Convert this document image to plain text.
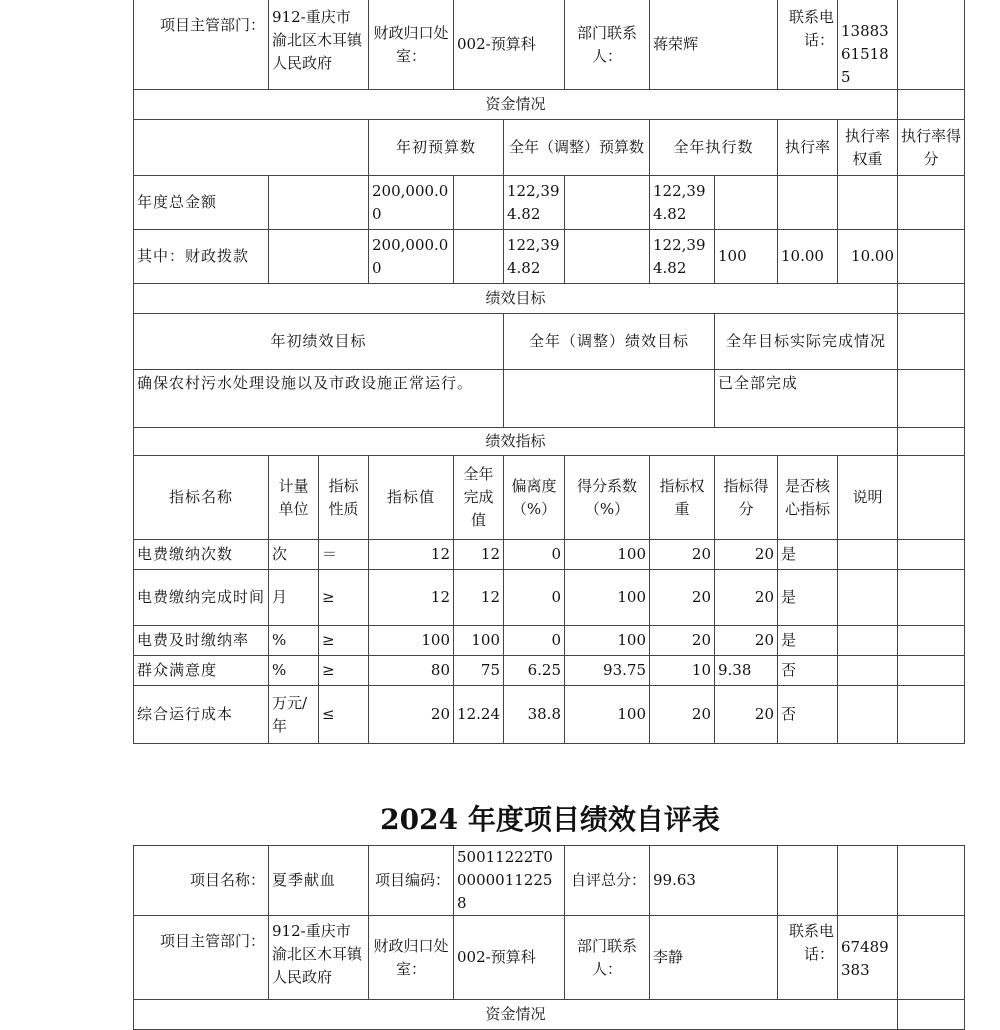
项目主管部门：	912-重庆市渝北区木耳镇人民政府		财政归口处室：	002-预算科		部门联系人：	蒋荣辉		联系电话：	13883615185	
资金情况											
			年初预算数		全年（调整）预算数		全年执行数		执行率	执行率权重	执行率得分
年度总金额			200,000.00		122,394.82		122,394.82				
其中：财政拨款			200,000.00		122,394.82		122,394.82	100	10.00	10.00	
绩效目标											
年初绩效目标					全年（调整）绩效目标			全年目标实际完成情况			
确保农村污水处理设施以及市政设施正常运行。								已全部完成			
绩效指标											
指标名称	计量单位	指标性质	指标值	全年完成值	偏离度（%）	得分系数（%）	指标权重	指标得分	是否核心指标	说明	
电费缴纳次数	次	＝	12	12	0	100	20	20	是		
电费缴纳完成时间	月	≥	12	12	0	100	20	20	是		
电费及时缴纳率	%	≥	100	100	0	100	20	20	是		
群众满意度	%	≥	80	75	6.25	93.75	10	9.38	否		
综合运行成本	万元/年	≤	20	12.24	38.8	100	20	20	否		
2024 年度项目绩效自评表
项目名称：	夏季献血	项目编码：	50011222T000000112258	自评总分：	99.63			
项目主管部门：	912-重庆市渝北区木耳镇人民政府	财政归口处室：	002-预算科	部门联系人：	李静	联系电话：	67489383	
资金情况								
